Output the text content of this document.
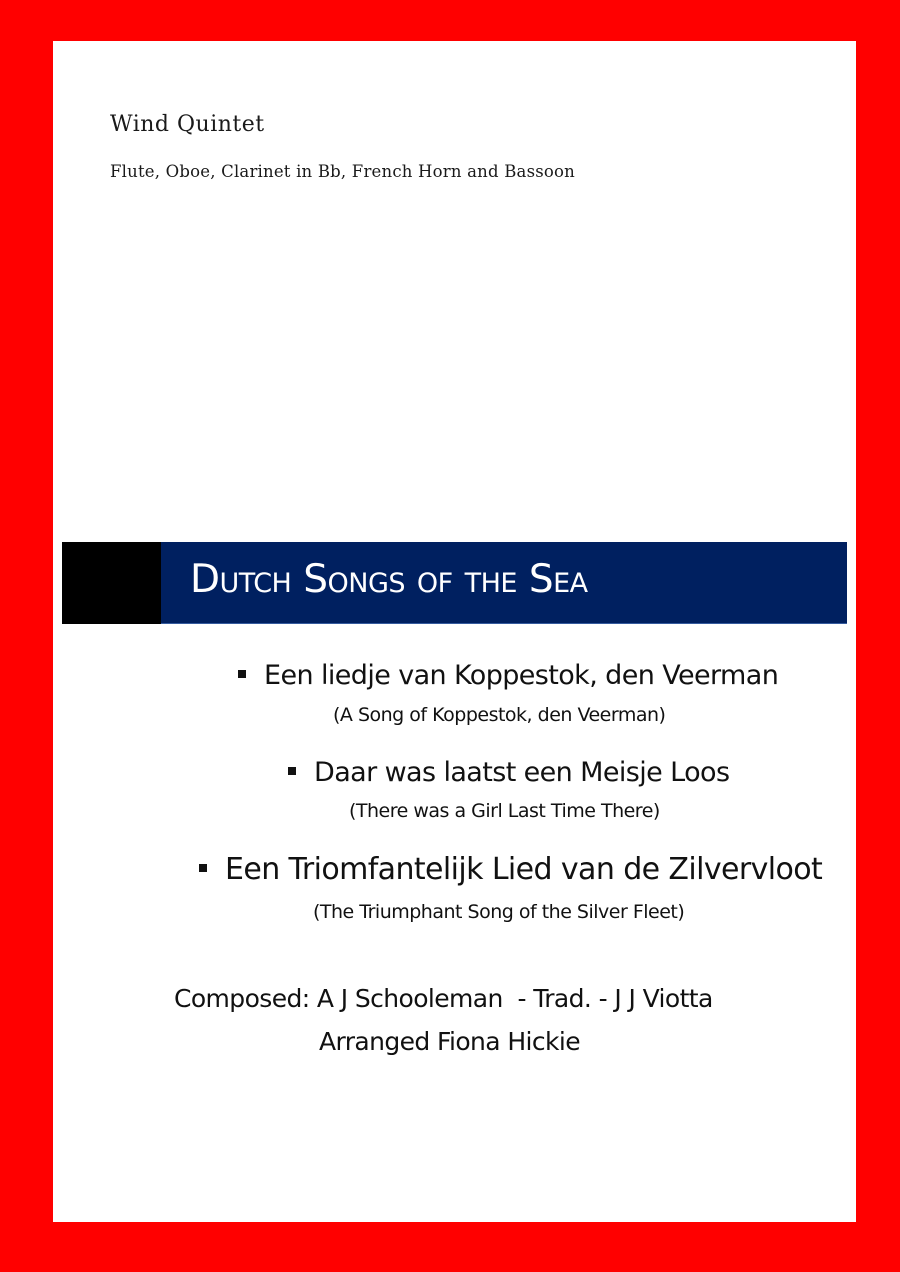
Wind Quintet
Flute, Oboe, Clarinet in Bb, French Horn and Bassoon
Dutch Songs of the Sea
Een liedje van Koppestok, den Veerman
(A Song of Koppestok, den Veerman)
Daar was laatst een Meisje Loos
(There was a Girl Last Time There)
Een Triomfantelijk Lied van de Zilvervloot
(The Triumphant Song of the Silver Fleet)
Composed: A J Schooleman  - Trad. - J J Viotta
Arranged Fiona Hickie
